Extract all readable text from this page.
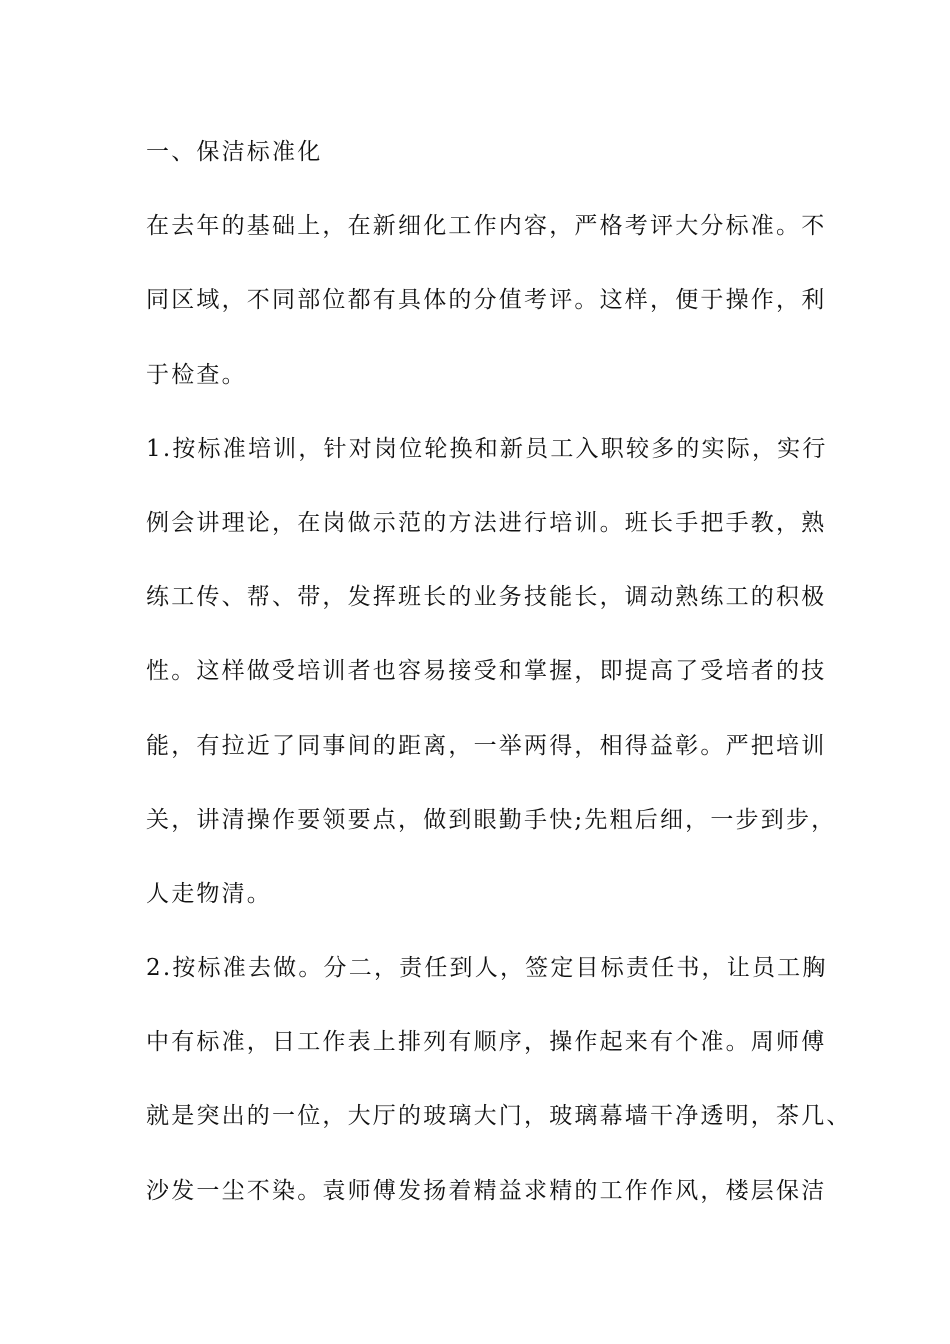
一、保洁标准化
在去年的基础上，在新细化工作内容，严格考评大分标准。不
同区域，不同部位都有具体的分值考评。这样，便于操作，利
于检查。
1.按标准培训，针对岗位轮换和新员工入职较多的实际，实行
例会讲理论，在岗做示范的方法进行培训。班长手把手教，熟
练工传、帮、带，发挥班长的业务技能长，调动熟练工的积极
性。这样做受培训者也容易接受和掌握，即提高了受培者的技
能，有拉近了同事间的距离，一举两得，相得益彰。严把培训
关，讲清操作要领要点，做到眼勤手快;先粗后细，一步到步，
人走物清。
2.按标准去做。分二，责任到人，签定目标责任书，让员工胸
中有标准，日工作表上排列有顺序，操作起来有个准。周师傅
就是突出的一位，大厅的玻璃大门，玻璃幕墙干净透明，茶几、
沙发一尘不染。袁师傅发扬着精益求精的工作作风，楼层保洁
